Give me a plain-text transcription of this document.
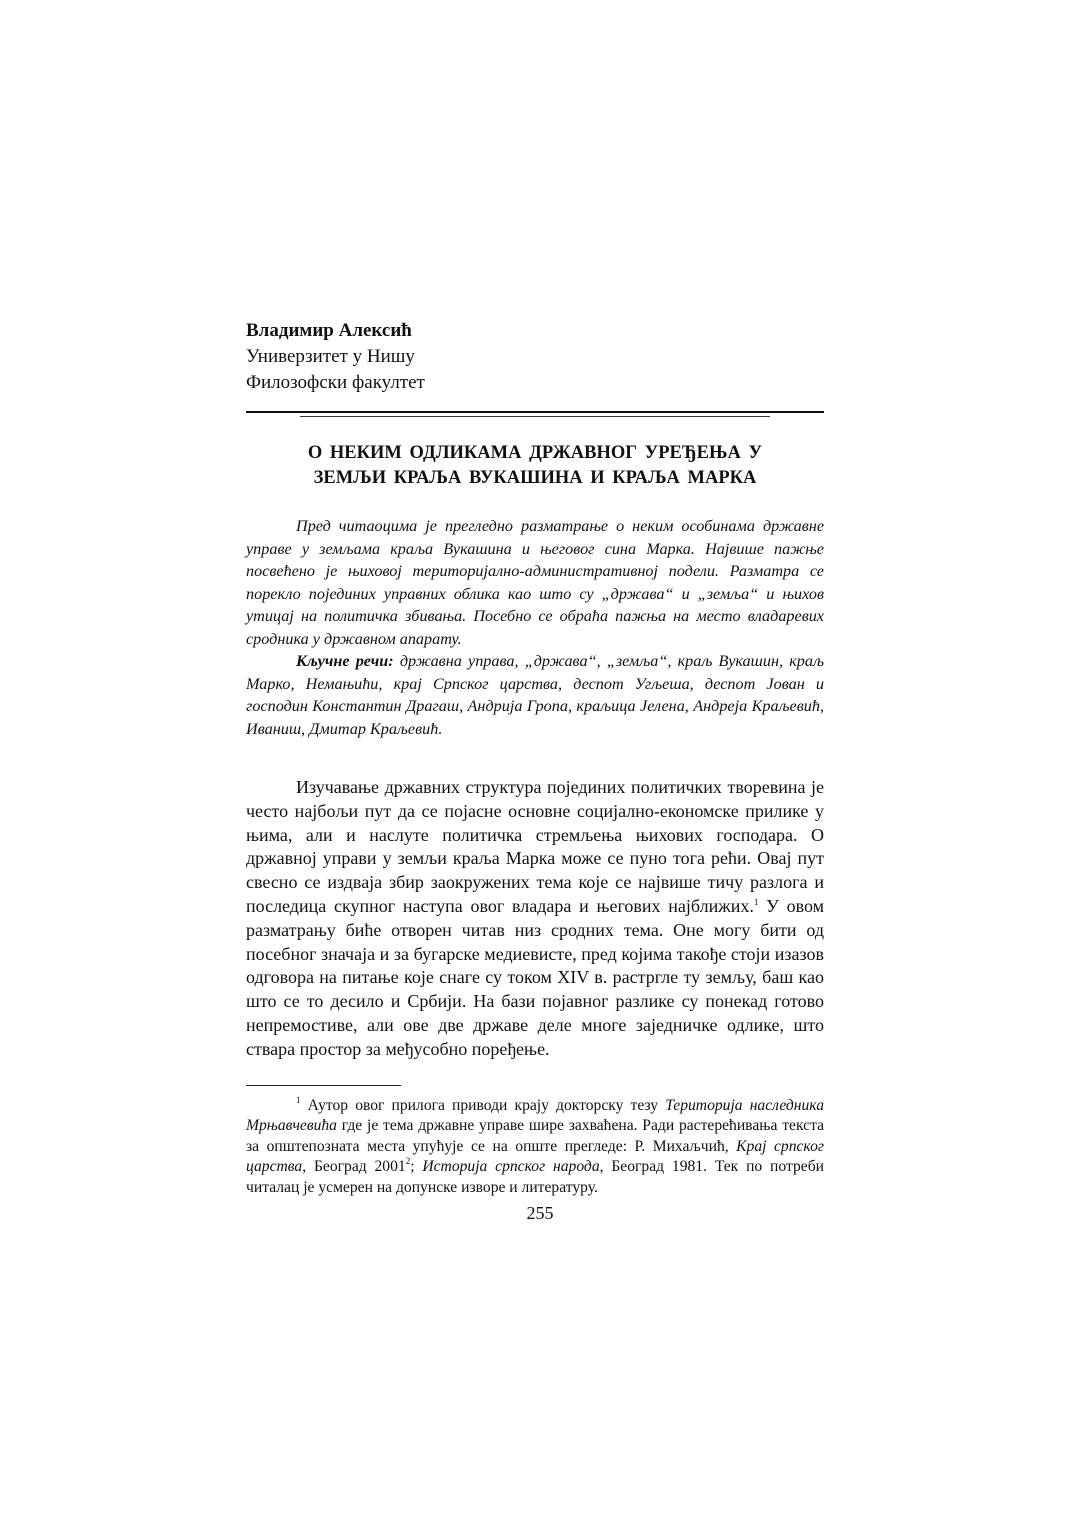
Владимир Алексић
Универзитет у Нишу
Филозофски факултет
О НЕКИМ ОДЛИКАМА ДРЖАВНОГ УРЕЂЕЊА У
ЗЕМЉИ КРАЉА ВУКАШИНА И КРАЉА МАРКА
Пред читаоцима је прегледно разматрање о неким особинама државне управе у земљама краља Вукашина и његовог сина Марка. Највише пажње посвећено је њиховој територијално-административној подели. Разматра се порекло појединих управних облика као што су „држава“ и „земља“ и њихов утицај на политичка збивања. Посебно се обраћа пажња на место владаревих сродника у државном апарату.
Кључне речи: државна управа, „држава“, „земља“, краљ Вукашин, краљ Марко, Немањићи, крај Српског царства, деспот Угљеша, деспот Јован и господин Константин Драгаш, Андрија Гропа, краљица Јелена, Андреја Краљевић, Иваниш, Дмитар Краљевић.

Изучавање државних структура појединих политичких творевина је често најбољи пут да се појасне основне социјално-економске прилике у њима, али и наслуте политичка стремљења њихових господара. О државној управи у земљи краља Марка може се пуно тога рећи. Овај пут свесно се издваја збир заокружених тема које се највише тичу разлога и последица скупног наступа овог владара и његових најближих.$^1$ У овом разматрању биће отворен читав низ сродних тема. Оне могу бити од посебног значаја и за бугарске медиевисте, пред којима такође стоји изазов одговора на питање које снаге су током XIV в. растргле ту земљу, баш као што се то десило и Србији. На бази појавног разлике су понекад готово непремостиве, али ове две државе деле многе заједничке одлике, што ствара простор за међусобно поређење.

$^1$ Аутор овог прилога приводи крају докторску тезу Територија наследника Мрњавчевића где је тема државне управе шире захваћена. Ради растерећивања текста за општепозната места упућује се на опште прегледе: Р. Михаљчић, Крај српског царства, Београд 2001$^2$; Историја српског народа, Београд 1981. Тек по потреби читалац је усмерен на допунске изворе и литературу.

255
